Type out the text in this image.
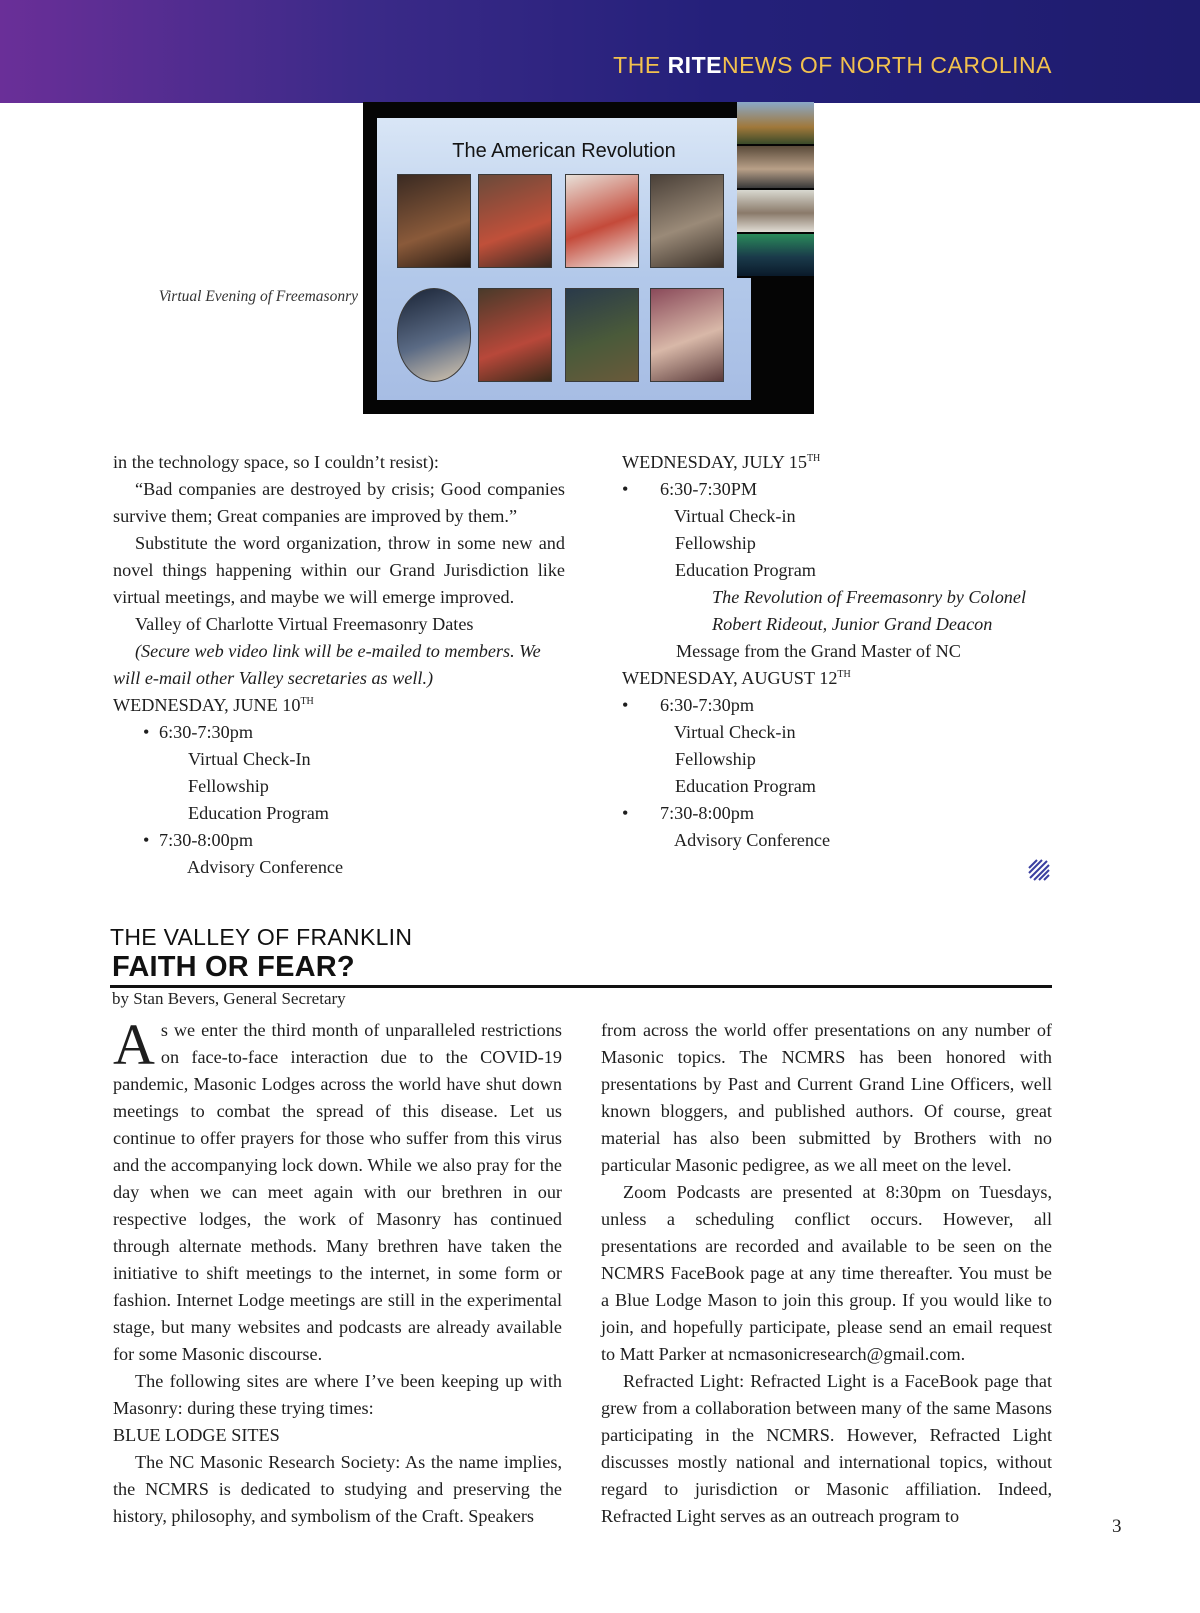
THE RITENEWS OF NORTH CAROLINA
Virtual Evening of Freemasonry
The American Revolution

in the technology space, so I couldn’t resist):

“Bad companies are destroyed by crisis; Good companies survive them; Great companies are improved by them.”

Substitute the word organization, throw in some new and novel things happening within our Grand Jurisdiction like virtual meetings, and maybe we will emerge improved.

Valley of Charlotte Virtual Freemasonry Dates

(Secure web video link will be e-mailed to members. We will e-mail other Valley secretaries as well.)

WEDNESDAY, JUNE 10TH
• 6:30-7:30pm
Virtual Check-In
Fellowship
Education Program
• 7:30-8:00pm
Advisory Conference
WEDNESDAY, JULY 15TH
• 6:30-7:30PM
Virtual Check-in
Fellowship
Education Program
The Revolution of Freemasonry by Colonel
Robert Rideout, Junior Grand Deacon
Message from the Grand Master of NC
WEDNESDAY, AUGUST 12TH
• 6:30-7:30pm
Virtual Check-in
Fellowship
Education Program
• 7:30-8:00pm
Advisory Conference
THE VALLEY OF FRANKLIN
FAITH OR FEAR?
by Stan Bevers, General Secretary

As we enter the third month of unparalleled restrictions on face-to-face interaction due to the COVID-19 pandemic, Masonic Lodges across the world have shut down meetings to combat the spread of this disease. Let us continue to offer prayers for those who suffer from this virus and the accompanying lock down. While we also pray for the day when we can meet again with our brethren in our respective lodges, the work of Masonry has continued through alternate methods. Many brethren have taken the initiative to shift meetings to the internet, in some form or fashion. Internet Lodge meetings are still in the experimental stage, but many websites and podcasts are already available for some Masonic discourse.

The following sites are where I’ve been keeping up with Masonry: during these trying times:

BLUE LODGE SITES

The NC Masonic Research Society: As the name implies, the NCMRS is dedicated to studying and preserving the history, philosophy, and symbolism of the Craft. Speakers

from across the world offer presentations on any number of Masonic topics. The NCMRS has been honored with presentations by Past and Current Grand Line Officers, well known bloggers, and published authors. Of course, great material has also been submitted by Brothers with no particular Masonic pedigree, as we all meet on the level.

Zoom Podcasts are presented at 8:30pm on Tuesdays, unless a scheduling conflict occurs. However, all presentations are recorded and available to be seen on the NCMRS FaceBook page at any time thereafter. You must be a Blue Lodge Mason to join this group. If you would like to join, and hopefully participate, please send an email request to Matt Parker at ncmasonicresearch@gmail.com.

Refracted Light: Refracted Light is a FaceBook page that grew from a collaboration between many of the same Masons participating in the NCMRS. However, Refracted Light discusses mostly national and international topics, without regard to jurisdiction or Masonic affiliation. Indeed, Refracted Light serves as an outreach program to	3
